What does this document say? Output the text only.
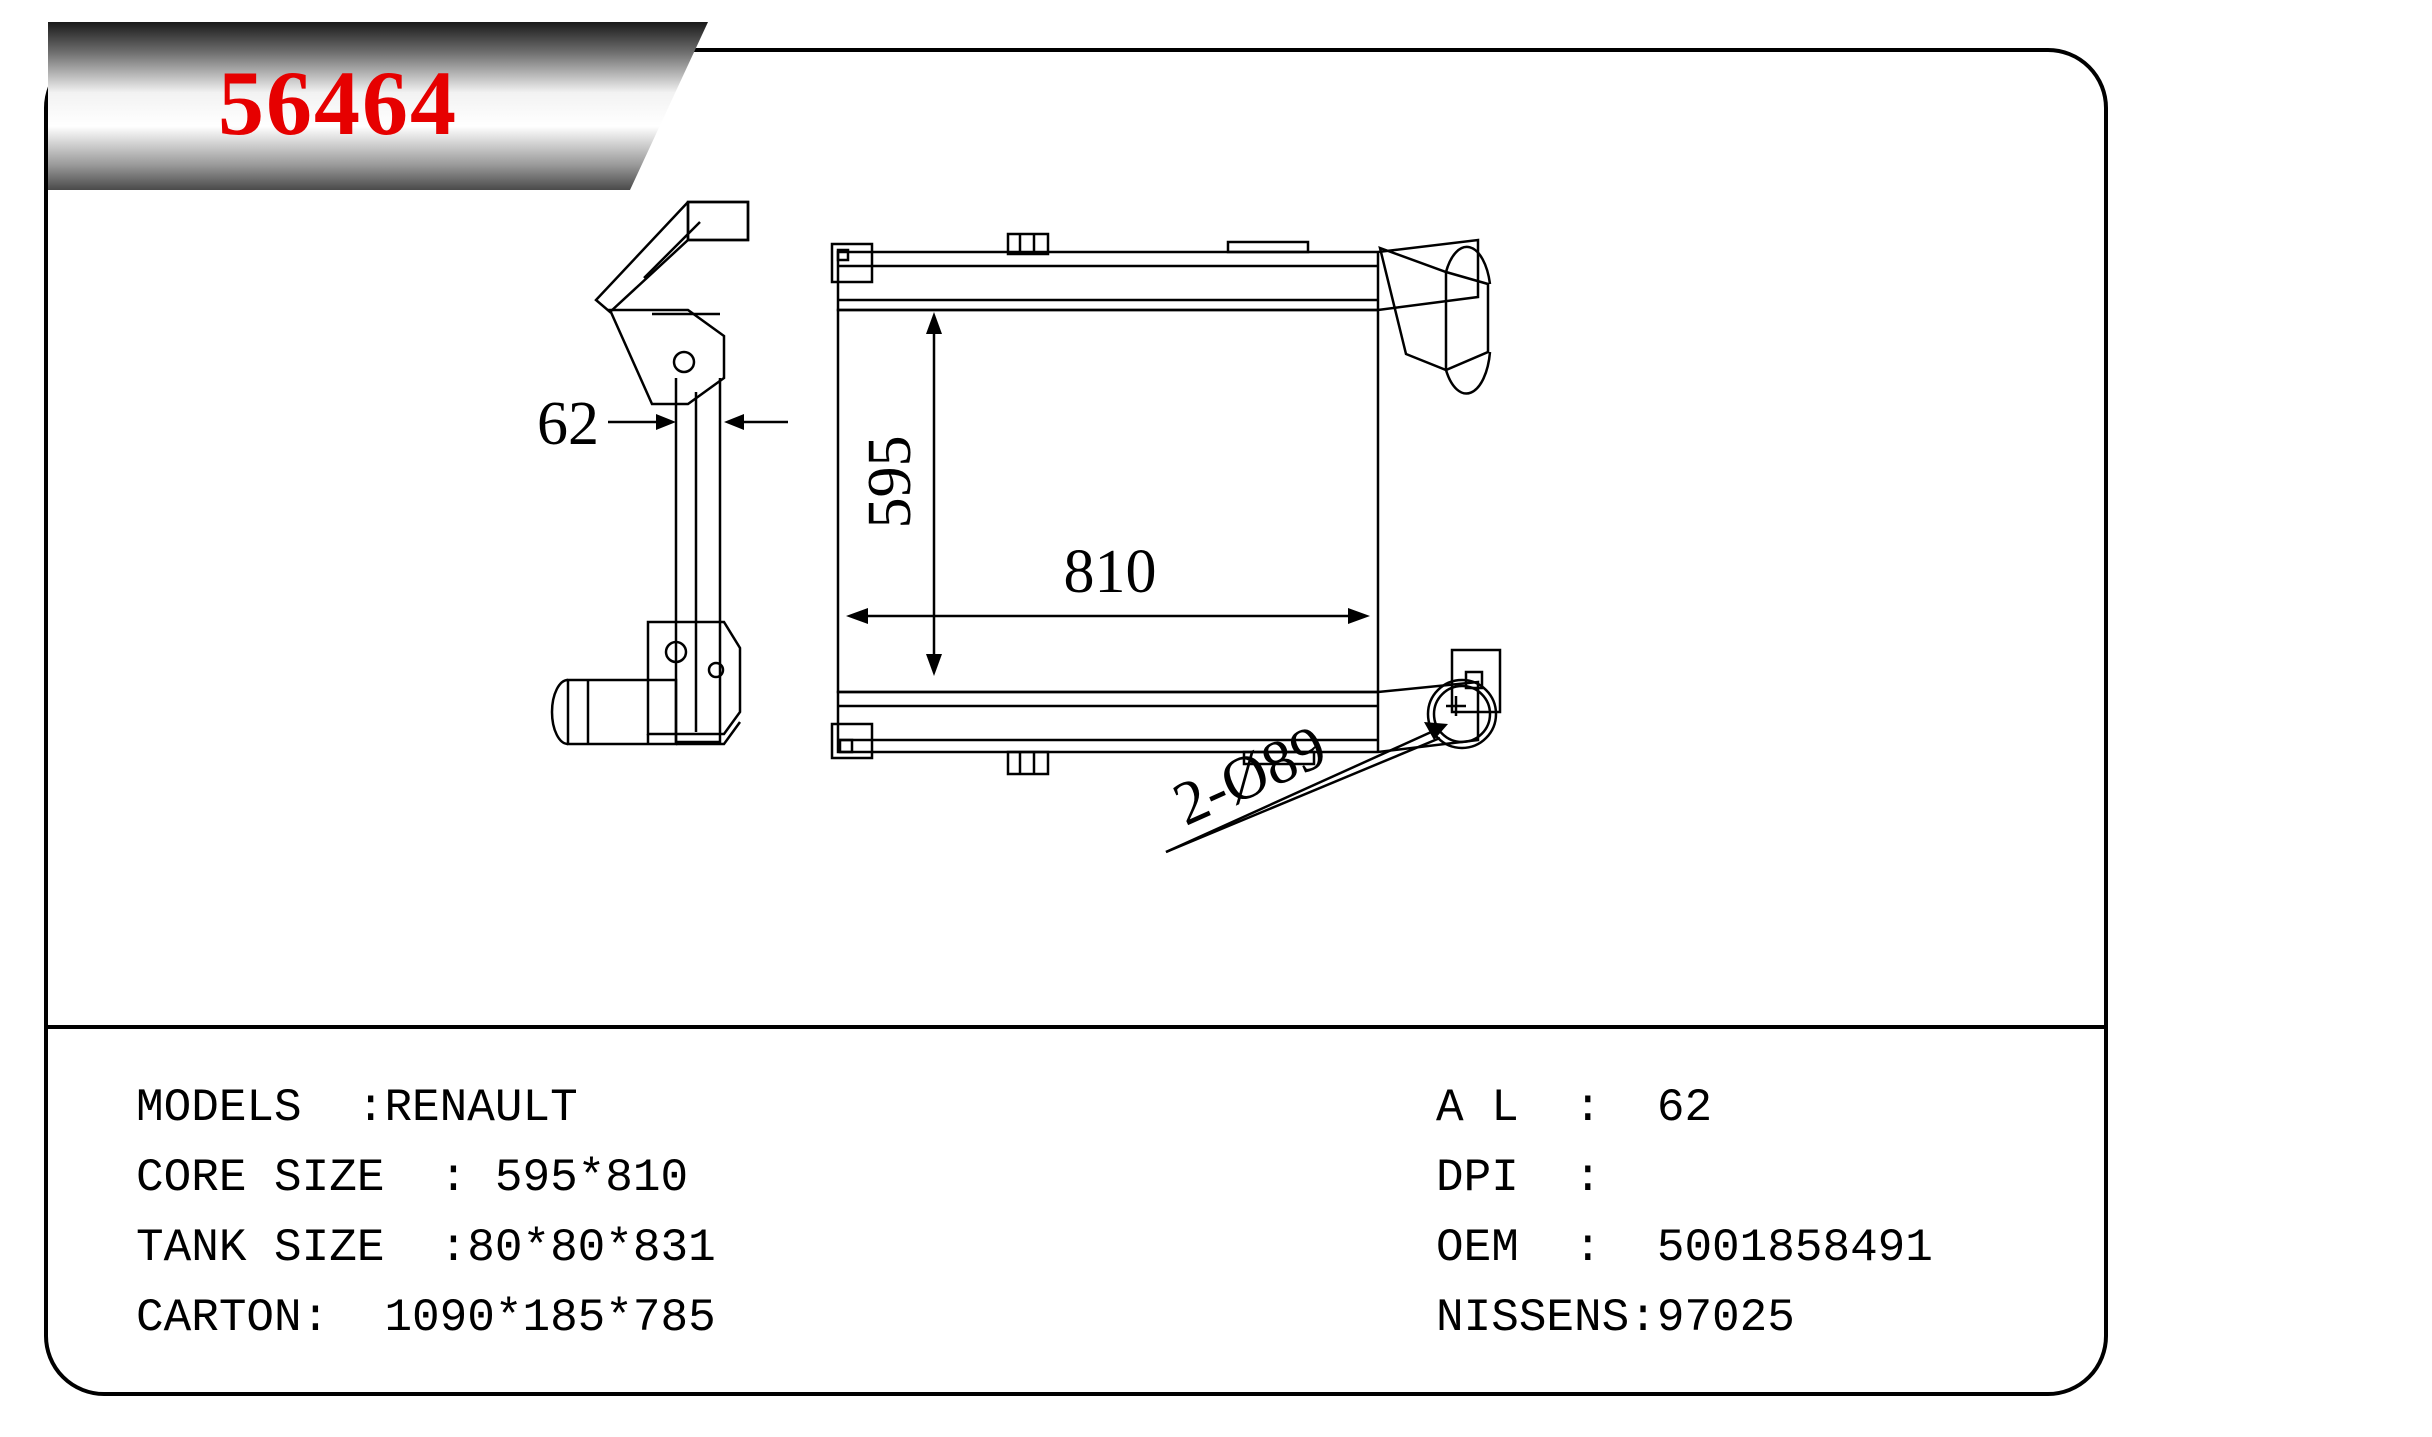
56464
62
595
810
2-Ø89
MODELS  :RENAULT
CORE SIZE  : 595*810
TANK SIZE  :80*80*831
CARTON:  1090*185*785
A L  :  62
DPI  :
OEM  :  5001858491
NISSENS:97025
